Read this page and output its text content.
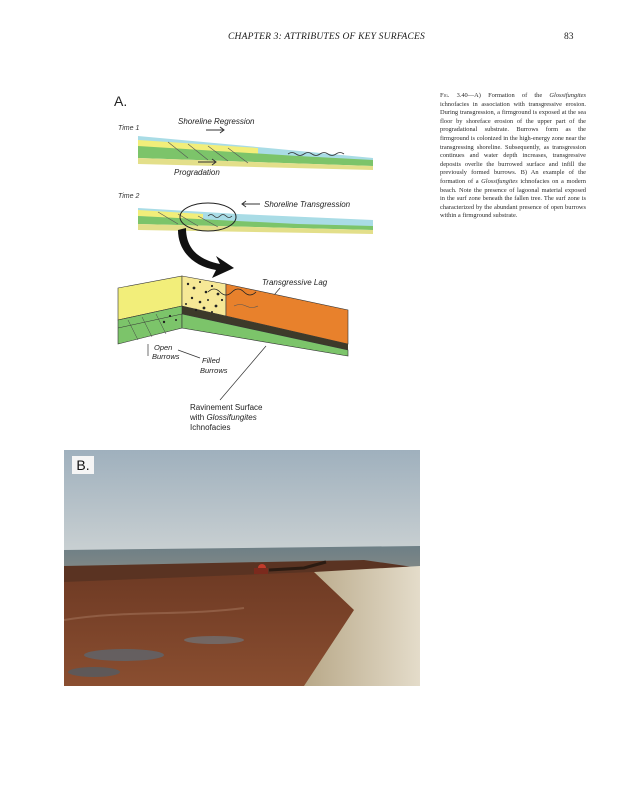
CHAPTER 3: ATTRIBUTES OF KEY SURFACES	83
A.
Time 1
Shoreline Regression
Progradation
Time 2
Shoreline Transgression
Transgressive Lag
Open
Burrows	Filled
Burrows
Ravinement Surface
with Glossifungites
Ichnofacies
Fig. 3.40—A) Formation of the Glossifungites ichnofacies in association with transgressive erosion. During transgression, a firmground is exposed at the sea floor by shoreface erosion of the upper part of the progradational substrate. Burrows form as the firmground is colonized in the high-energy zone near the transgressing shoreline. Subsequently, as transgression continues and water depth increases, transgressive deposits overlie the burrowed surface and infill the previously formed burrows. B) An example of the formation of a Glossifungites ichnofacies on a modern beach. Note the presence of lagoonal material exposed in the surf zone beneath the fallen tree. The surf zone is characterized by the abundant presence of open burrows within a firmground substrate.
B.
